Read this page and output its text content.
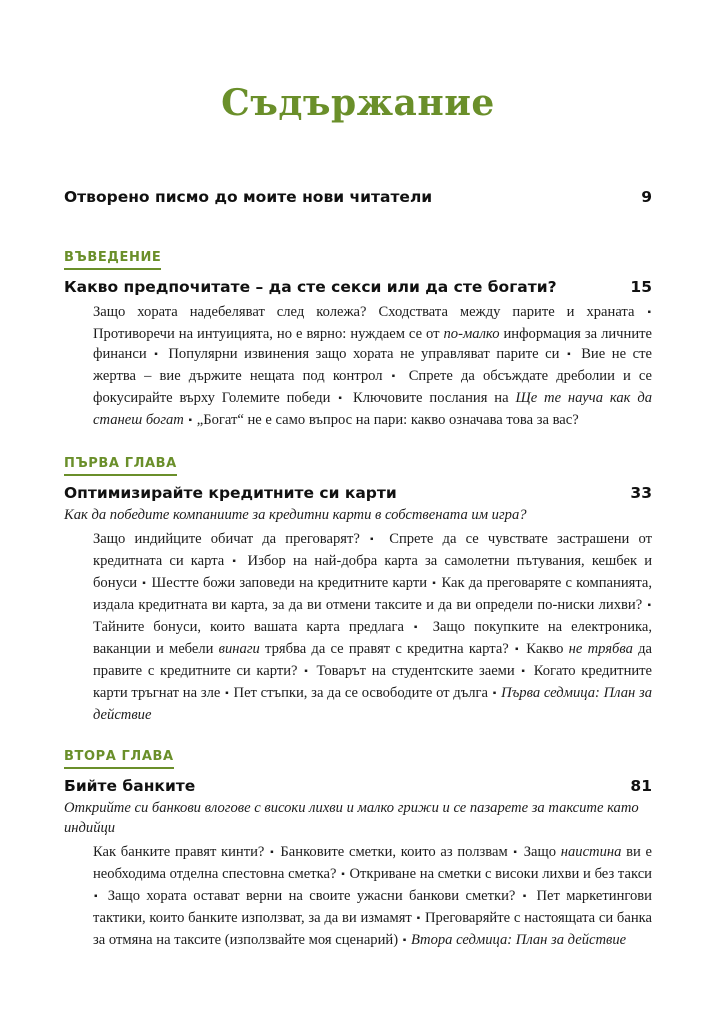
Съдържание
Отворено писмо до моите нови читатели	9
ВЪВЕДЕНИЕ
Какво предпочитате – да сте секси или да сте богати?	15
Защо хората надебеляват след колежа? Сходствата между парите и храната ▪ Противоречи на интуицията, но е вярно: нуждаем се от по-малко информация за личните финанси ▪ Популярни извинения защо хората не управляват парите си ▪ Вие не сте жертва – вие държите нещата под контрол ▪ Спрете да обсъждате дреболии и се фокусирайте върху Големите победи ▪ Ключовите послания на Ще те науча как да станеш богат ▪ „Богат“ не е само въпрос на пари: какво означава това за вас?
ПЪРВА ГЛАВА
Оптимизирайте кредитните си карти	33
Как да победите компаниите за кредитни карти в собствената им игра?
Защо индийците обичат да преговарят? ▪ Спрете да се чувствате застрашени от кредитната си карта ▪ Избор на най-добра карта за самолетни пътувания, кешбек и бонуси ▪ Шестте божи заповеди на кредитните карти ▪ Как да преговаряте с компанията, издала кредитната ви карта, за да ви отмени таксите и да ви определи по-ниски лихви? ▪ Тайните бонуси, които вашата карта предлага ▪ Защо покупките на електроника, ваканции и мебели винаги трябва да се правят с кредитна карта? ▪ Какво не трябва да правите с кредитните си карти? ▪ Товарът на студентските заеми ▪ Когато кредитните карти тръгнат на зле ▪ Пет стъпки, за да се освободите от дълга ▪ Първа седмица: План за действие
ВТОРА ГЛАВА
Бийте банките	81
Открийте си банкови влогове с високи лихви и малко грижи и се пазарете за таксите като индийци
Как банките правят кинти? ▪ Банковите сметки, които аз ползвам ▪ Защо наистина ви е необходима отделна спестовна сметка? ▪ Откриване на сметки с високи лихви и без такси ▪ Защо хората остават верни на своите ужасни банкови сметки? ▪ Пет маркетингови тактики, които банките използват, за да ви измамят ▪ Преговаряйте с настоящата си банка за отмяна на таксите (използвайте моя сценарий) ▪ Втора седмица: План за действие
